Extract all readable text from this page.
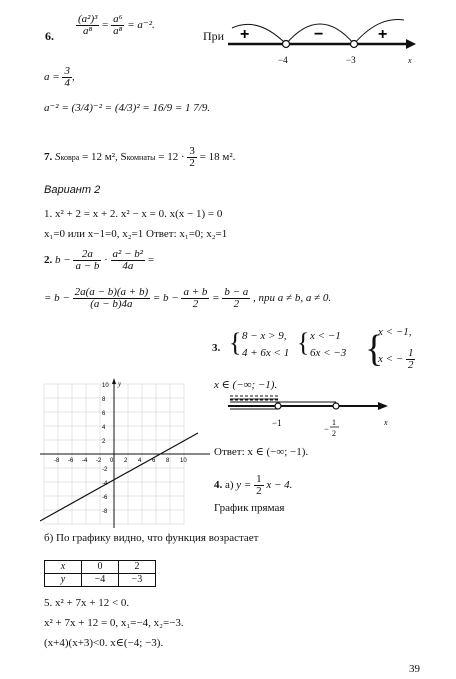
6. $\frac{\text{(a²)³}}{\text{a⁸}} = \frac{\text{a⁶}}{\text{a⁸}} = a^{-2}$.
При +	−	+
−4	−3	x
$a = \frac{3}{4}$ ,
a⁻² = (3/4)⁻² = (4/3)² = 16/9 = 1 7/9.
7. Sковра = 12 м², Sкомнаты = $12 \cdot \frac{3}{2} = 18$ м².
Вариант 2
1. x² + 2 = x + 2. x² − x = 0. x(x − 1) = 0
x₁=0 или x−1=0, x₂=1 Ответ: x₁=0; x₂=1
2. $b - \frac{2a}{a - b} \cdot \frac{\text{a² − b²}}{4a}$ =
= $b - \frac{2a(a - b)(a + b)}{(a - b)4a} = b - \frac{a + b}{2} = \frac{b - a}{2}$ , при a ≠ b, a ≠ 0.
3. { 8 − x > 9,
4 + 6x < 1 { x < −1
6x < −3 {
x < −1,
x < − $\frac{1}{2}$
x ∈ (−∞; −1).
−1
−
1
2
x
y
10
8
6
4
2
-2
-4
-6
-8
-8 -6 -4 -2 0 2 4 6 8 10
Ответ: x ∈ (−∞; −1).
4. а) $y = \frac{1}{2}$ x − 4.
График прямая
б) По графику видно, что функция возрастает
x	0	2
y	−4	−3
5. x² + 7x + 12 < 0.
x² + 7x + 12 = 0, x₁=−4, x₂=−3.
(x+4)(x+3)<0. x∈(−4; −3).
39
